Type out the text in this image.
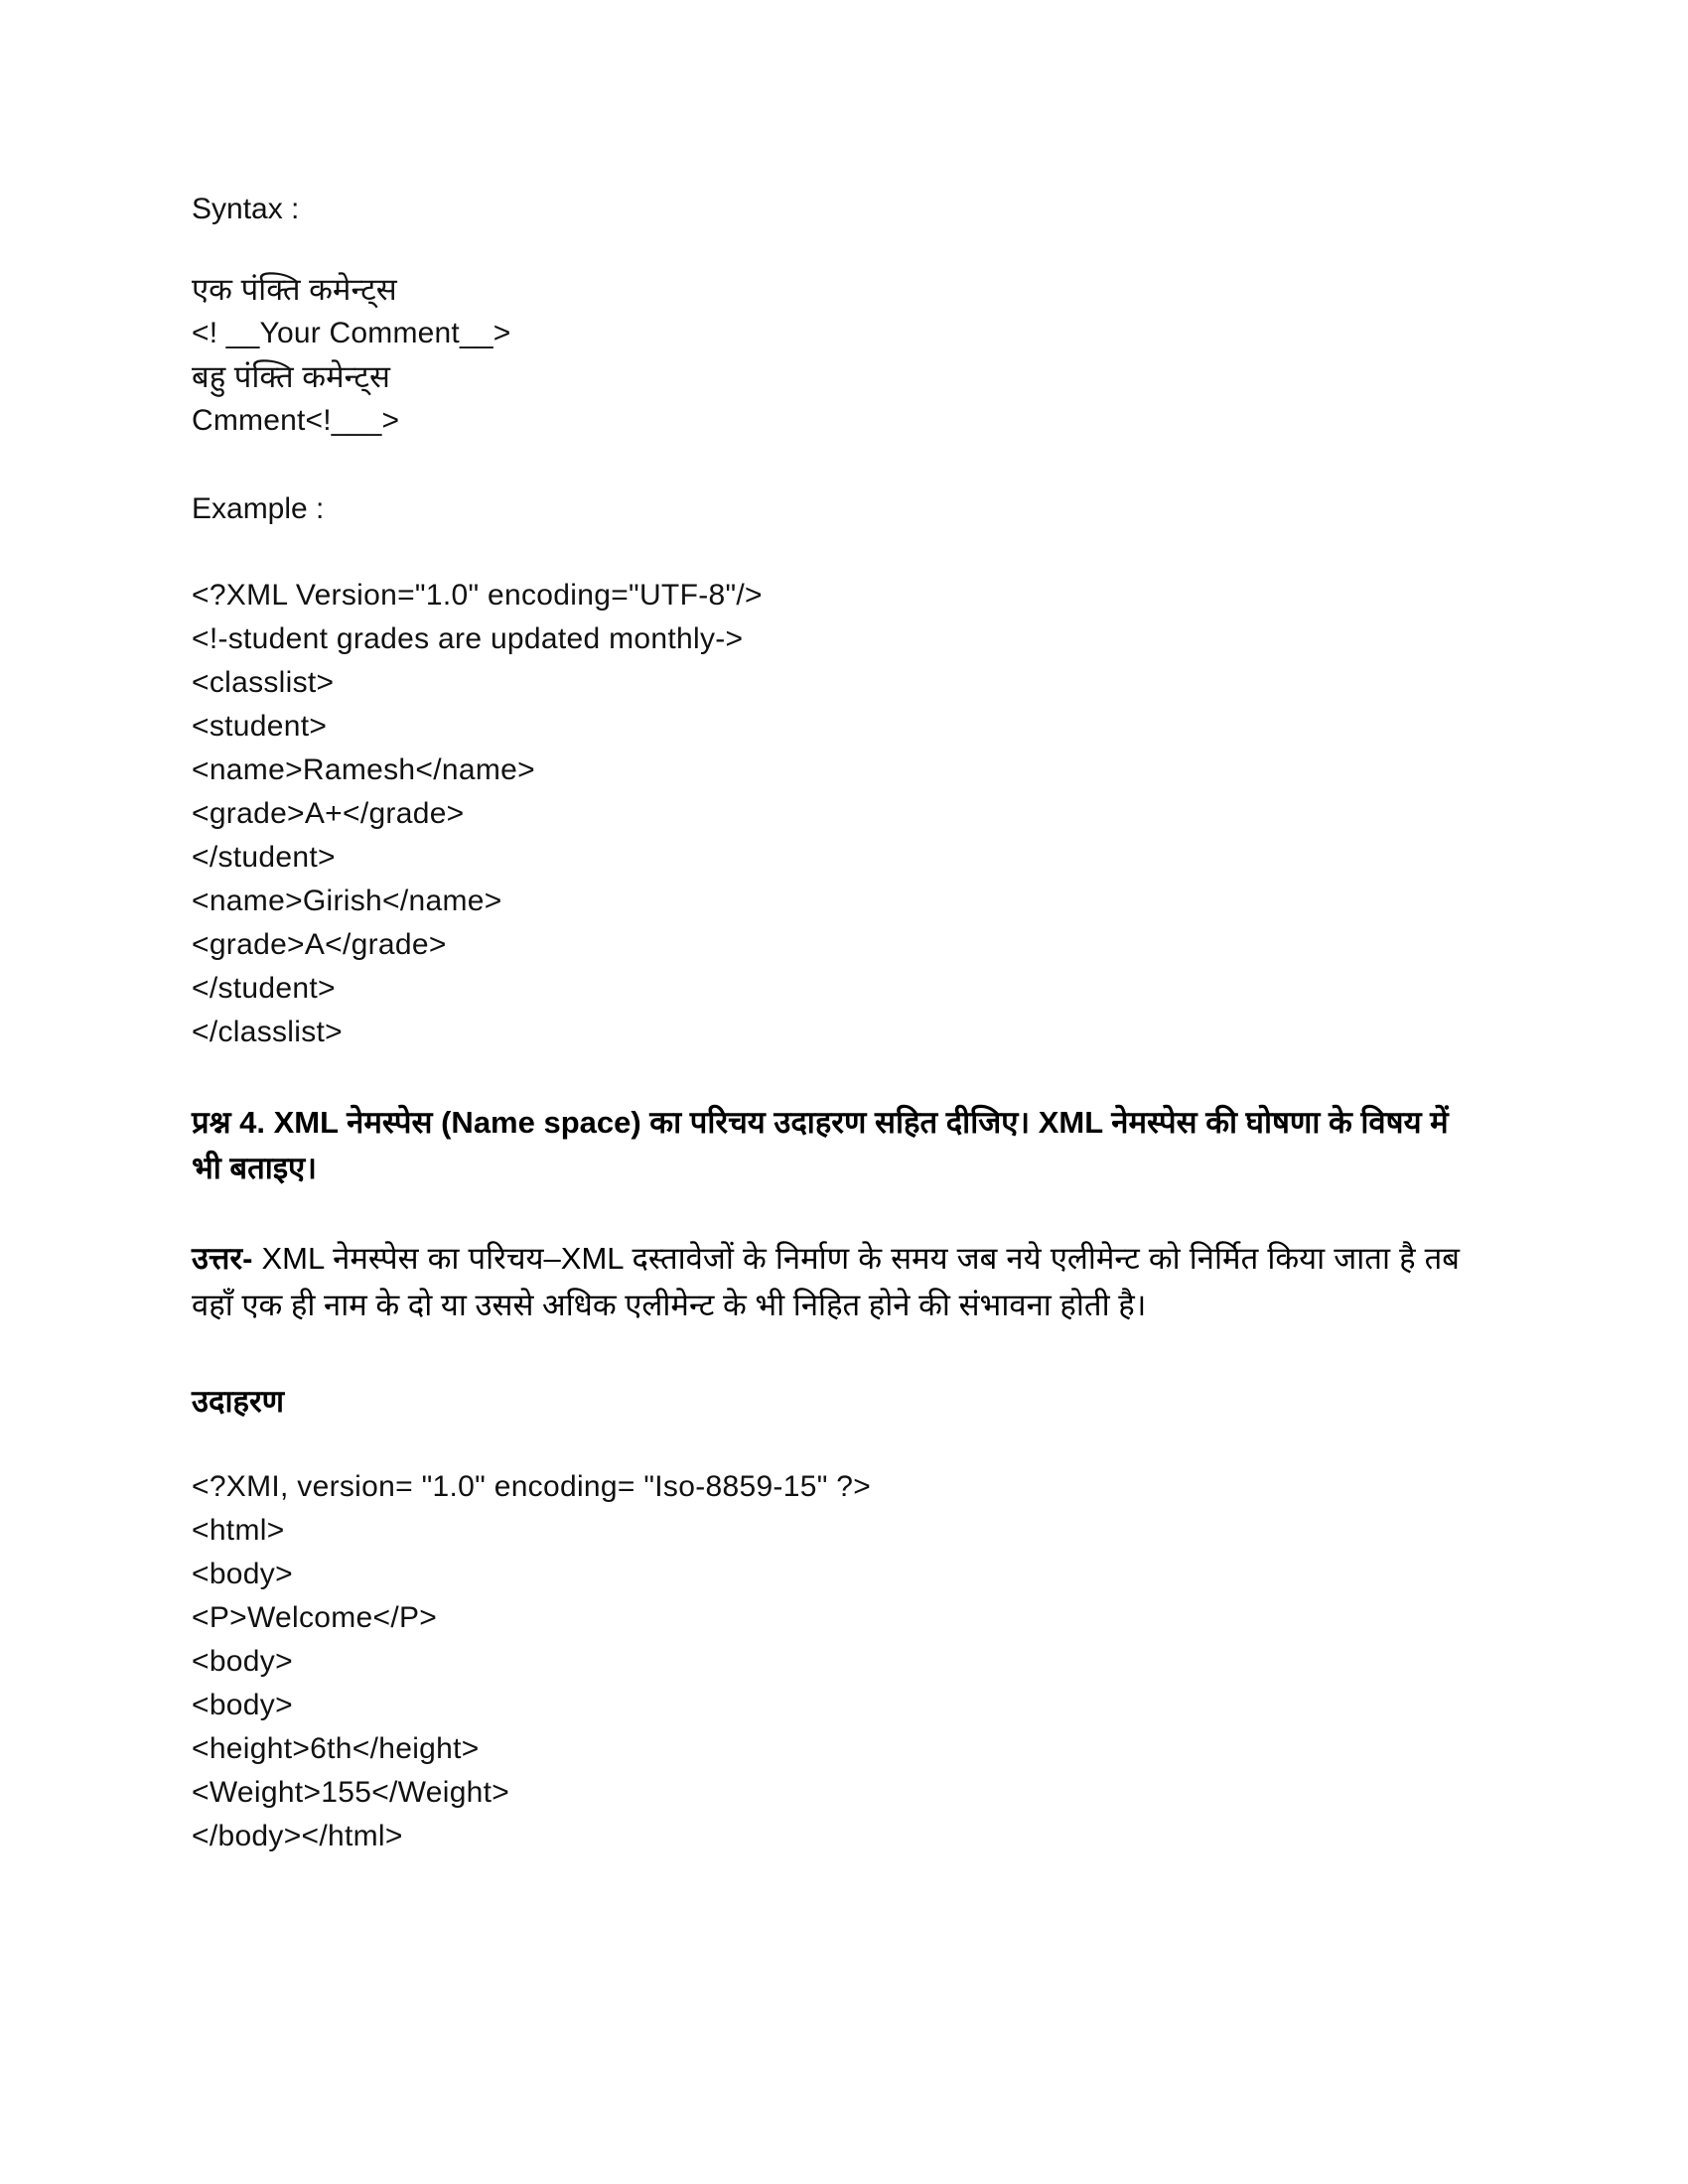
Syntax :
एक पंक्ति कमेन्ट्स
<! __Your Comment__>
बहु पंक्ति कमेन्ट्स
Cmment<!___>
Example :
<?XML Version="1.0" encoding="UTF-8"/>
<!-student grades are updated monthly->
<classlist>
<student>
<name>Ramesh</name>
<grade>A+</grade>
</student>
<name>Girish</name>
<grade>A</grade>
</student>
</classlist>
प्रश्न 4. XML नेमस्पेस (Name space) का परिचय उदाहरण सहित दीजिए। XML नेमस्पेस की घोषणा के विषय में भी बताइए।
उत्तर- XML नेमस्पेस का परिचय–XML दस्तावेजों के निर्माण के समय जब नये एलीमेन्ट को निर्मित किया जाता है तब वहाँ एक ही नाम के दो या उससे अधिक एलीमेन्ट के भी निहित होने की संभावना होती है।
उदाहरण
<?XMI, version= "1.0" encoding= "Iso-8859-15" ?>
<html>
<body>
<P>Welcome</P>
<body>
<body>
<height>6th</height>
<Weight>155</Weight>
</body></html>
